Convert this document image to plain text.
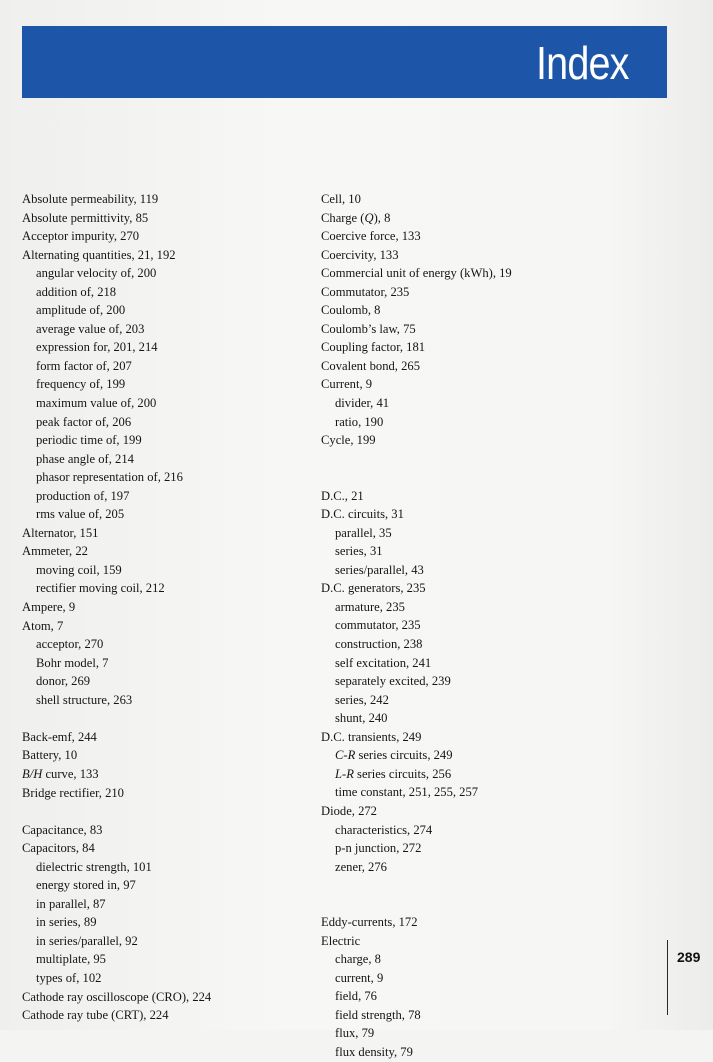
Index
Absolute permeability, 119
Absolute permittivity, 85
Acceptor impurity, 270
Alternating quantities, 21, 192
angular velocity of, 200
addition of, 218
amplitude of, 200
average value of, 203
expression for, 201, 214
form factor of, 207
frequency of, 199
maximum value of, 200
peak factor of, 206
periodic time of, 199
phase angle of, 214
phasor representation of, 216
production of, 197
rms value of, 205
Alternator, 151
Ammeter, 22
moving coil, 159
rectifier moving coil, 212
Ampere, 9
Atom, 7
acceptor, 270
Bohr model, 7
donor, 269
shell structure, 263
Back-emf, 244
Battery, 10
B/H curve, 133
Bridge rectifier, 210
Capacitance, 83
Capacitors, 84
dielectric strength, 101
energy stored in, 97
in parallel, 87
in series, 89
in series/parallel, 92
multiplate, 95
types of, 102
Cathode ray oscilloscope (CRO), 224
Cathode ray tube (CRT), 224
Cell, 10
Charge (Q), 8
Coercive force, 133
Coercivity, 133
Commercial unit of energy (kWh), 19
Commutator, 235
Coulomb, 8
Coulomb’s law, 75
Coupling factor, 181
Covalent bond, 265
Current, 9
divider, 41
ratio, 190
Cycle, 199
D.C., 21
D.C. circuits, 31
parallel, 35
series, 31
series/parallel, 43
D.C. generators, 235
armature, 235
commutator, 235
construction, 238
self excitation, 241
separately excited, 239
series, 242
shunt, 240
D.C. transients, 249
C-R series circuits, 249
L-R series circuits, 256
time constant, 251, 255, 257
Diode, 272
characteristics, 274
p-n junction, 272
zener, 276
Eddy-currents, 172
Electric
charge, 8
current, 9
field, 76
field strength, 78
flux, 79
flux density, 79
289
